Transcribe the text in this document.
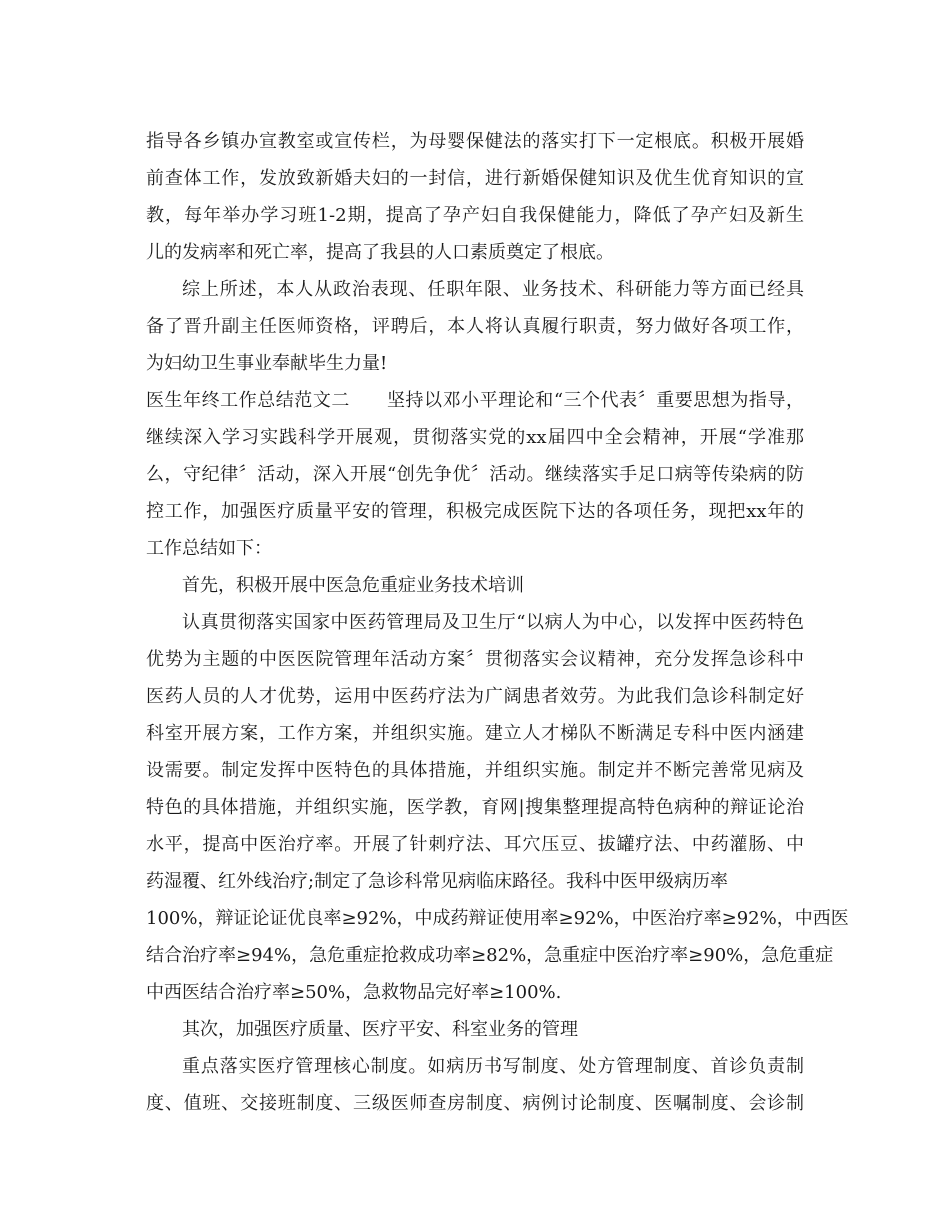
指导各乡镇办宣教室或宣传栏，为母婴保健法的落实打下一定根底。积极开展婚
前查体工作，发放致新婚夫妇的一封信，进行新婚保健知识及优生优育知识的宣
教，每年举办学习班1-2期，提高了孕产妇自我保健能力，降低了孕产妇及新生
儿的发病率和死亡率，提高了我县的人口素质奠定了根底。
综上所述，本人从政治表现、任职年限、业务技术、科研能力等方面已经具
备了晋升副主任医师资格，评聘后，本人将认真履行职责，努力做好各项工作，
为妇幼卫生事业奉献毕生力量!
医生年终工作总结范文二　　坚持以邓小平理论和“三个代表〞重要思想为指导，
继续深入学习实践科学开展观，贯彻落实党的xx届四中全会精神，开展“学准那
么，守纪律〞活动，深入开展“创先争优〞活动。继续落实手足口病等传染病的防
控工作，加强医疗质量平安的管理，积极完成医院下达的各项任务，现把xx年的
工作总结如下：
首先，积极开展中医急危重症业务技术培训
认真贯彻落实国家中医药管理局及卫生厅“以病人为中心，以发挥中医药特色
优势为主题的中医医院管理年活动方案〞贯彻落实会议精神，充分发挥急诊科中
医药人员的人才优势，运用中医药疗法为广阔患者效劳。为此我们急诊科制定好
科室开展方案，工作方案，并组织实施。建立人才梯队不断满足专科中医内涵建
设需要。制定发挥中医特色的具体措施，并组织实施。制定并不断完善常见病及
特色的具体措施，并组织实施，医学教，育网|搜集整理提高特色病种的辩证论治
水平，提高中医治疗率。开展了针刺疗法、耳穴压豆、拔罐疗法、中药灌肠、中
药湿覆、红外线治疗;制定了急诊科常见病临床路径。我科中医甲级病历率
100%，辩证论证优良率≥92%，中成药辩证使用率≥92%，中医治疗率≥92%，中西医
结合治疗率≥94%，急危重症抢救成功率≥82%，急重症中医治疗率≥90%，急危重症
中西医结合治疗率≥50%，急救物品完好率≥100%.
其次，加强医疗质量、医疗平安、科室业务的管理
重点落实医疗管理核心制度。如病历书写制度、处方管理制度、首诊负责制
度、值班、交接班制度、三级医师查房制度、病例讨论制度、医嘱制度、会诊制
